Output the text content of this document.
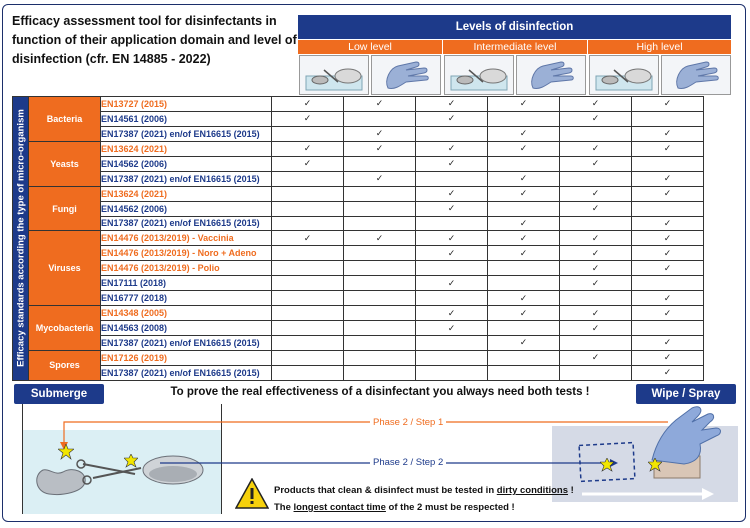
Efficacy assessment tool for disinfectants in function of their application domain and level of disinfection (cfr. EN 14885 - 2022)
Levels of disinfection
Low level	Intermediate level	High level
Efficacy standards according the type of micro-organism	Bacteria	EN13727 (2015)	✓	✓	✓	✓	✓	✓
		EN14561 (2006)	✓		✓		✓	
		EN17387 (2021) en/of EN16615 (2015)		✓		✓		✓
	Yeasts	EN13624 (2021)	✓	✓	✓	✓	✓	✓
		EN14562 (2006)	✓		✓		✓	
		EN17387 (2021) en/of EN16615 (2015)		✓		✓		✓
	Fungi	EN13624 (2021)			✓	✓	✓	✓
		EN14562 (2006)			✓		✓	
		EN17387 (2021) en/of EN16615 (2015)				✓		✓
	Viruses	EN14476 (2013/2019) - Vaccinia	✓	✓	✓	✓	✓	✓
		EN14476 (2013/2019) - Noro + Adeno			✓	✓	✓	✓
		EN14476 (2013/2019) - Polio					✓	✓
		EN17111 (2018)			✓		✓	
		EN16777 (2018)				✓		✓
	Mycobacteria	EN14348 (2005)			✓	✓	✓	✓
		EN14563 (2008)			✓		✓	
		EN17387 (2021) en/of EN16615 (2015)				✓		✓
	Spores	EN17126 (2019)					✓	✓
		EN17387 (2021) en/of EN16615 (2015)						✓
Submerge	Wipe / Spray
To prove the real effectiveness of a disinfectant you always need both tests !
Phase 2 / Step 1
Phase 2 / Step 2
Products that clean & disinfect must be tested in dirty conditions !
The longest contact time of the 2 must be respected !
